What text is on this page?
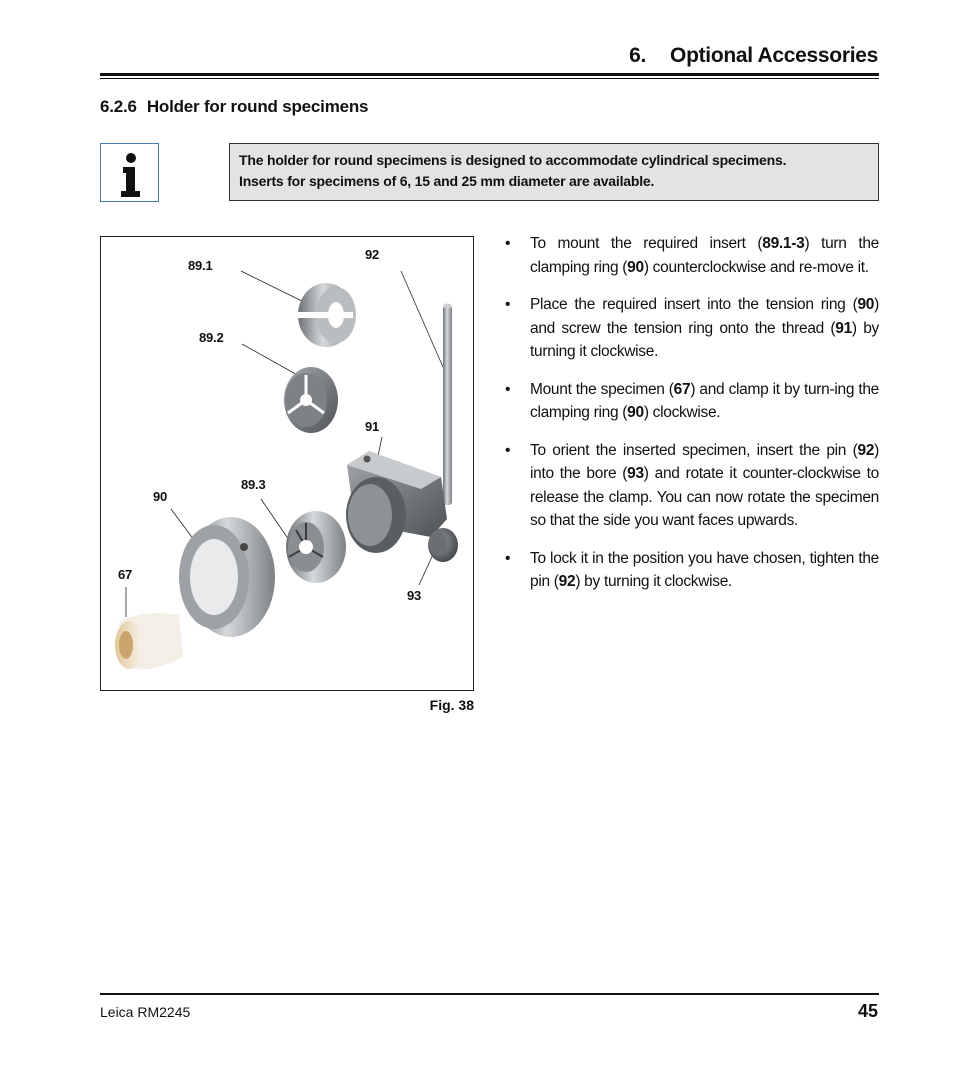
6. Optional Accessories
6.2.6 Holder for round specimens

The holder for round specimens is designed to accommodate cylindrical specimens.

Inserts for specimens of 6, 15 and 25 mm diameter are available.

89.1
89.2
89.3
90
91
92
93
67
Fig. 38
• To mount the required insert (89.1-3) turn the clamping ring (90) counterclockwise and re-move it.
• Place the required insert into the tension ring (90) and screw the tension ring onto the thread (91) by turning it clockwise.
• Mount the specimen (67) and clamp it by turn-ing the clamping ring (90) clockwise.
• To orient the inserted specimen, insert the pin (92) into the bore (93) and rotate it counter-clockwise to release the clamp. You can now rotate the specimen so that the side you want faces upwards.
• To lock it in the position you have chosen, tighten the pin (92) by turning it clockwise.
Leica RM2245	45
